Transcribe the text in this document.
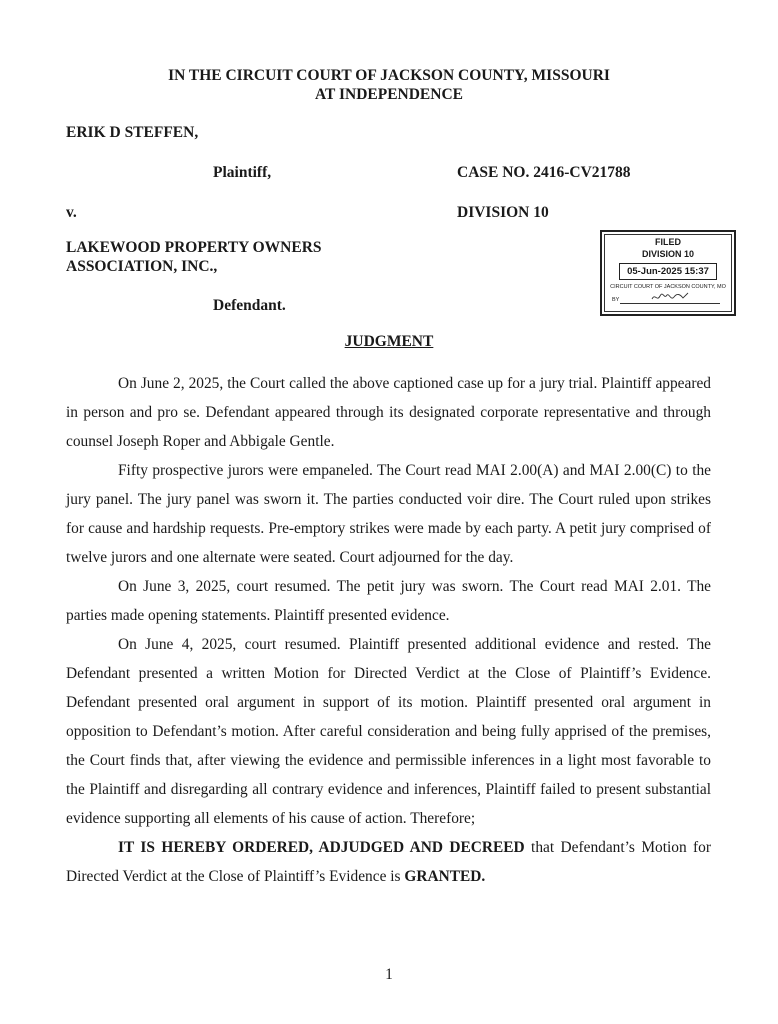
IN THE CIRCUIT COURT OF JACKSON COUNTY, MISSOURI
AT INDEPENDENCE
ERIK D STEFFEN,
Plaintiff,	CASE NO. 2416-CV21788
v.	DIVISION 10
LAKEWOOD PROPERTY OWNERS
ASSOCIATION, INC.,
Defendant.
FILED
DIVISION 10
05-Jun-2025 15:37
CIRCUIT COURT OF JACKSON COUNTY, MO
BY
JUDGMENT

On June 2, 2025, the Court called the above captioned case up for a jury trial. Plaintiff appeared in person and pro se. Defendant appeared through its designated corporate representative and through counsel Joseph Roper and Abbigale Gentle.

Fifty prospective jurors were empaneled. The Court read MAI 2.00(A) and MAI 2.00(C) to the jury panel. The jury panel was sworn it. The parties conducted voir dire. The Court ruled upon strikes for cause and hardship requests. Pre-emptory strikes were made by each party. A petit jury comprised of twelve jurors and one alternate were seated. Court adjourned for the day.

On June 3, 2025, court resumed. The petit jury was sworn. The Court read MAI 2.01. The parties made opening statements. Plaintiff presented evidence.

On June 4, 2025, court resumed. Plaintiff presented additional evidence and rested. The Defendant presented a written Motion for Directed Verdict at the Close of Plaintiff’s Evidence. Defendant presented oral argument in support of its motion. Plaintiff presented oral argument in opposition to Defendant’s motion. After careful consideration and being fully apprised of the premises, the Court finds that, after viewing the evidence and permissible inferences in a light most favorable to the Plaintiff and disregarding all contrary evidence and inferences, Plaintiff failed to present substantial evidence supporting all elements of his cause of action. Therefore;

IT IS HEREBY ORDERED, ADJUDGED AND DECREED that Defendant’s Motion for Directed Verdict at the Close of Plaintiff’s Evidence is GRANTED.

1
